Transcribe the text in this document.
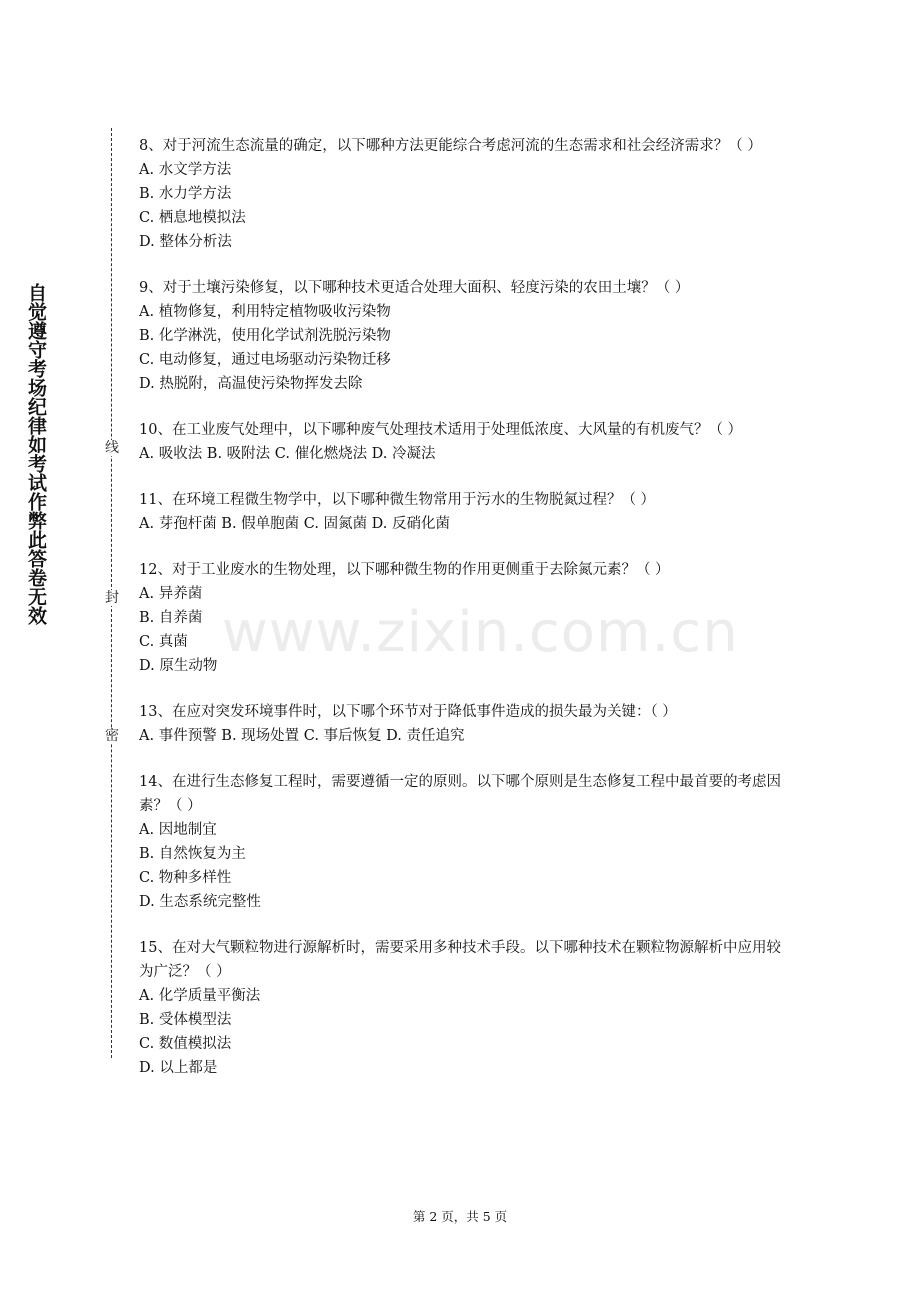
自觉遵守考场纪律如考试作弊此答卷无效	线
封
密
www.zixin.com.cn

8、对于河流生态流量的确定，以下哪种方法更能综合考虑河流的生态需求和社会经济需求？（ ）

A. 水文学方法

B. 水力学方法

C. 栖息地模拟法

D. 整体分析法

9、对于土壤污染修复，以下哪种技术更适合处理大面积、轻度污染的农田土壤？（ ）

A. 植物修复，利用特定植物吸收污染物

B. 化学淋洗，使用化学试剂洗脱污染物

C. 电动修复，通过电场驱动污染物迁移

D. 热脱附，高温使污染物挥发去除

10、在工业废气处理中，以下哪种废气处理技术适用于处理低浓度、大风量的有机废气？（ ）

A. 吸收法 B. 吸附法 C. 催化燃烧法 D. 冷凝法

11、在环境工程微生物学中，以下哪种微生物常用于污水的生物脱氮过程？（ ）

A. 芽孢杆菌 B. 假单胞菌 C. 固氮菌 D. 反硝化菌

12、对于工业废水的生物处理，以下哪种微生物的作用更侧重于去除氮元素？（ ）

A. 异养菌

B. 自养菌

C. 真菌

D. 原生动物

13、在应对突发环境事件时，以下哪个环节对于降低事件造成的损失最为关键：（ ）

A. 事件预警 B. 现场处置 C. 事后恢复 D. 责任追究

14、在进行生态修复工程时，需要遵循一定的原则。以下哪个原则是生态修复工程中最首要的考虑因素？（ ）

A. 因地制宜

B. 自然恢复为主

C. 物种多样性

D. 生态系统完整性

15、在对大气颗粒物进行源解析时，需要采用多种技术手段。以下哪种技术在颗粒物源解析中应用较为广泛？（ ）

A. 化学质量平衡法

B. 受体模型法

C. 数值模拟法

D. 以上都是

第 2 页，共 5 页
